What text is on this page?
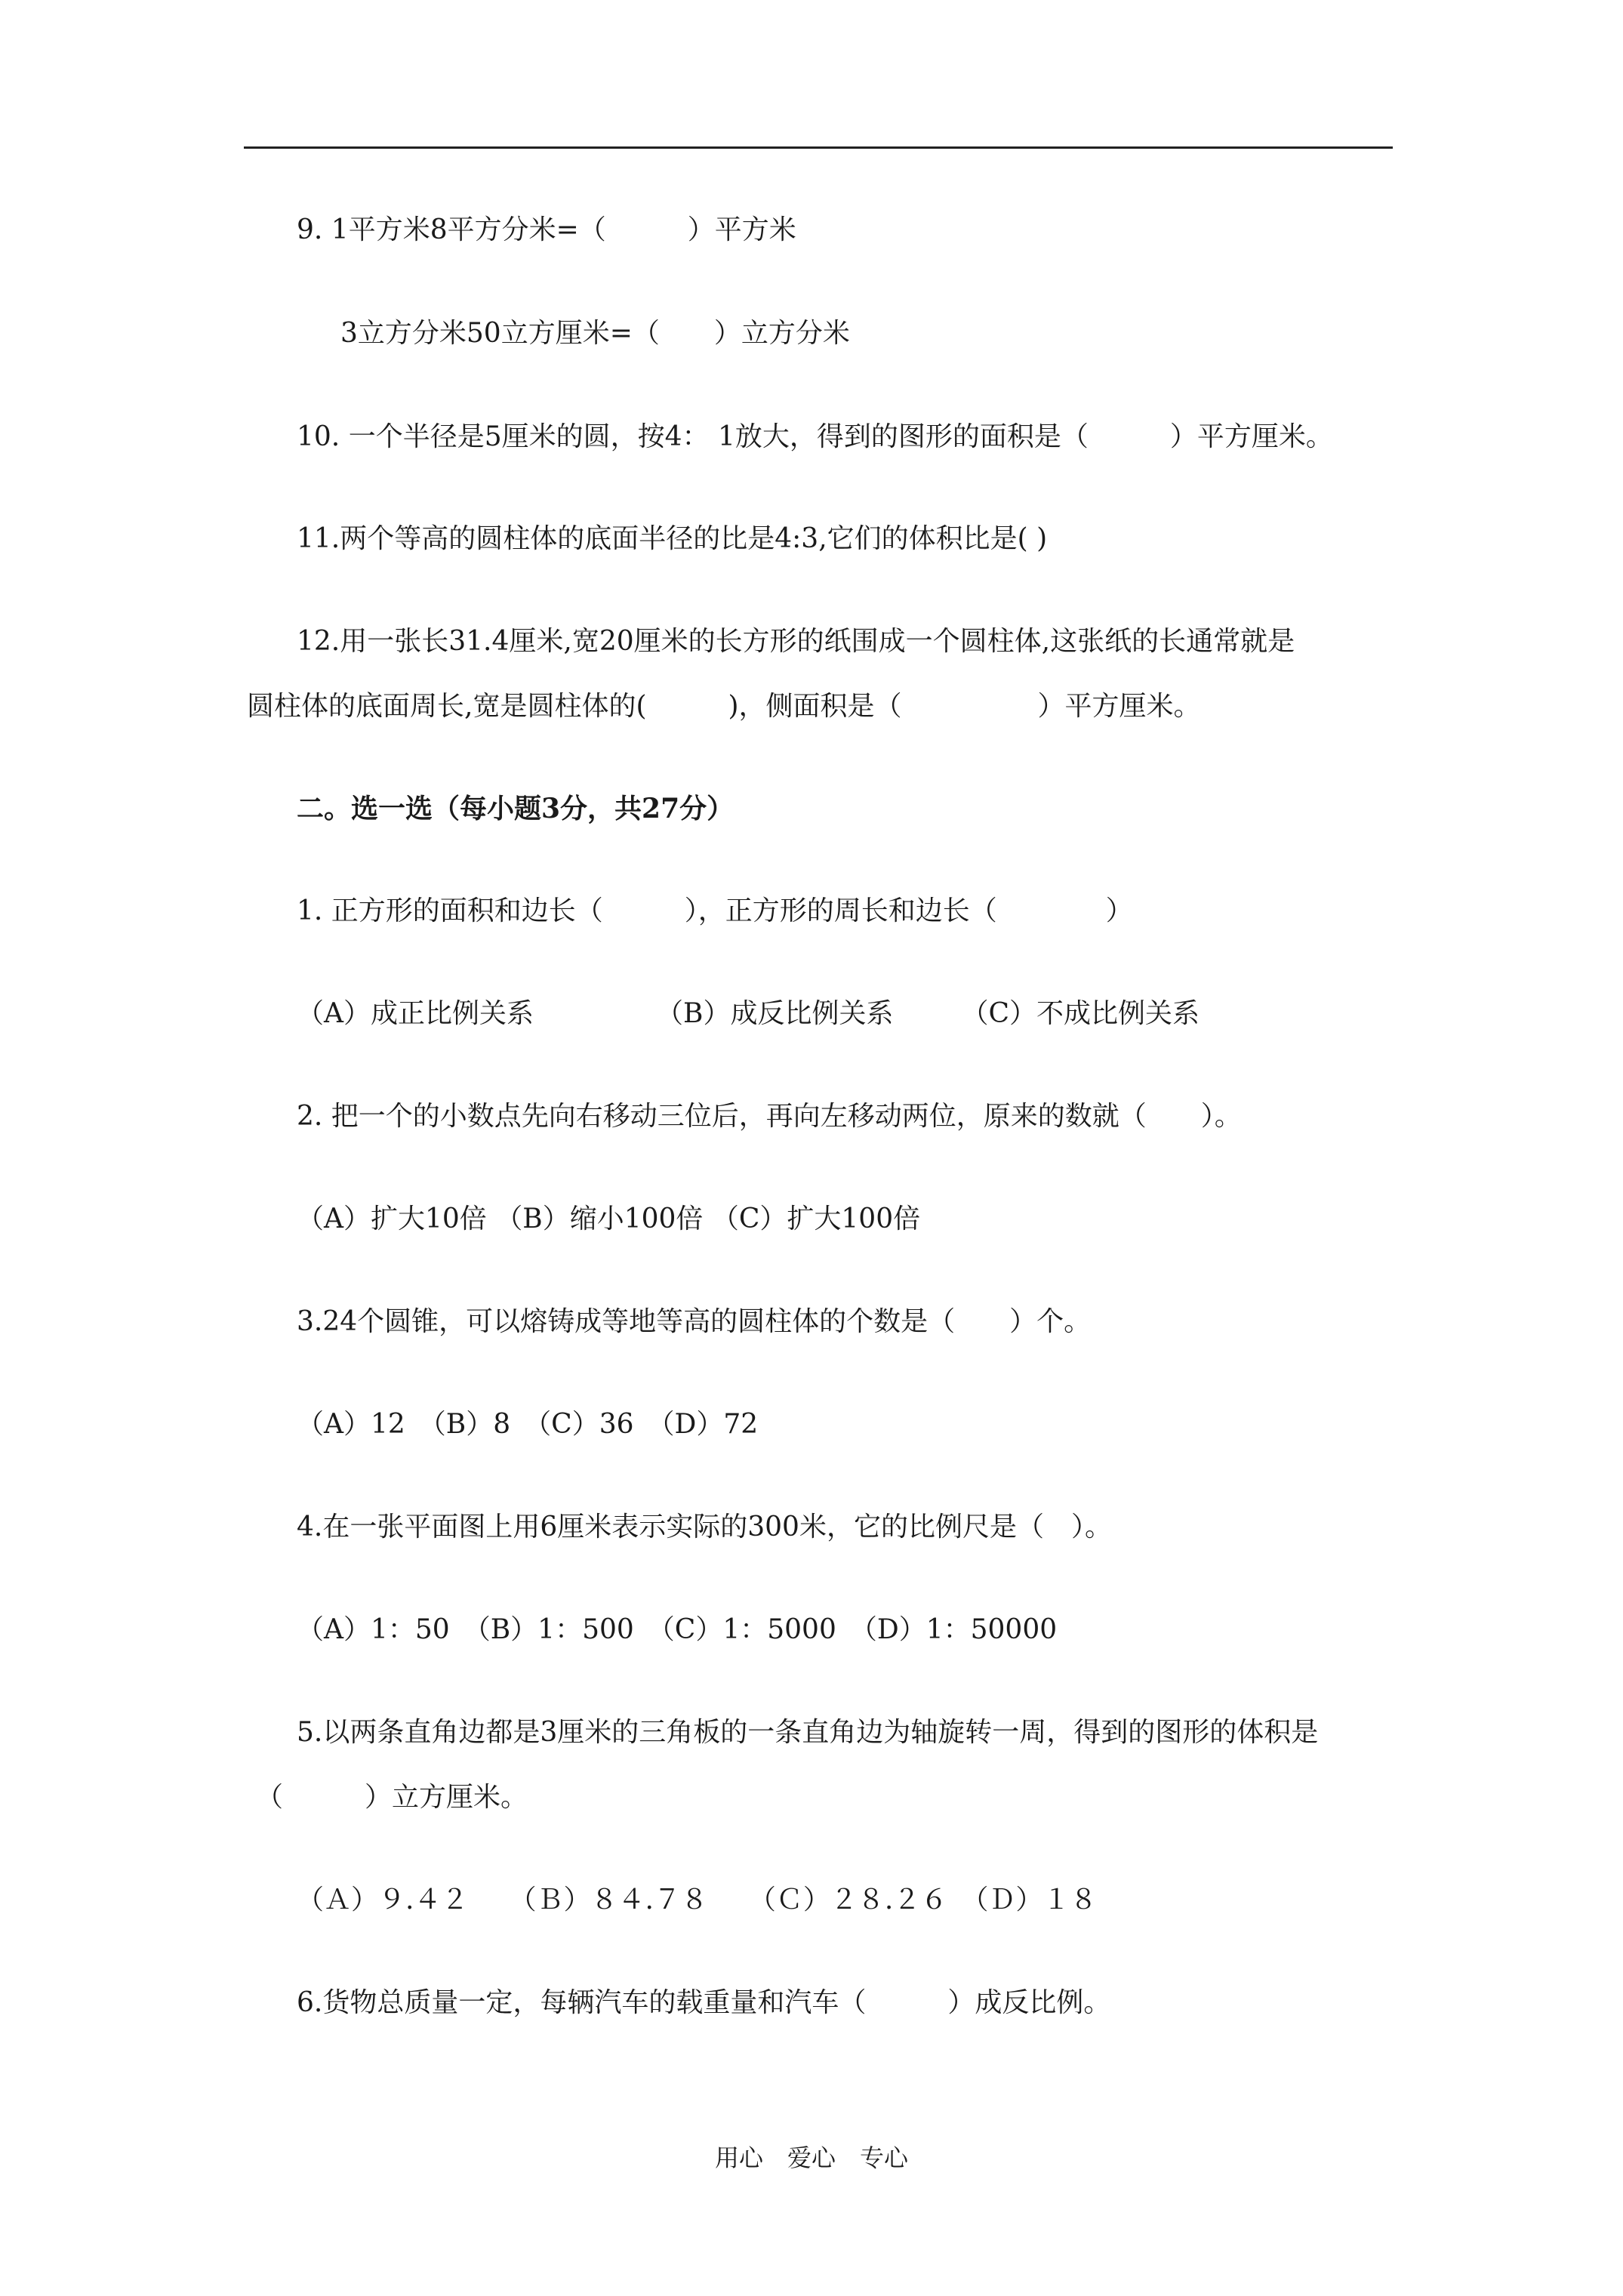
9. 1平方米8平方分米=（　　　）平方米
3立方分米50立方厘米=（　　）立方分米
10. 一个半径是5厘米的圆，按4： 1放大，得到的图形的面积是（　　　）平方厘米。
11.两个等高的圆柱体的底面半径的比是4:3,它们的体积比是( )
12.用一张长31.4厘米,宽20厘米的长方形的纸围成一个圆柱体,这张纸的长通常就是
圆柱体的底面周长,宽是圆柱体的(　　　)，侧面积是（　　　　　）平方厘米。
二。选一选（每小题3分，共27分）
1. 正方形的面积和边长（　　　），正方形的周长和边长（　　　　）
（A）成正比例关系　　　　　（B）成反比例关系　　　（C）不成比例关系
2. 把一个的小数点先向右移动三位后，再向左移动两位，原来的数就（　　）。
（A）扩大10倍 （B）缩小100倍 （C）扩大100倍
3.24个圆锥，可以熔铸成等地等高的圆柱体的个数是（　　）个。
（A）12　（B）8　（C）36　（D）72
4.在一张平面图上用6厘米表示实际的300米，它的比例尺是（　）。
（A）1：50　（B）1：500　（C）1：5000　（D）1：50000
5.以两条直角边都是3厘米的三角板的一条直角边为轴旋转一周，得到的图形的体积是
（　　　）立方厘米。
（Ａ）９.４２　　（Ｂ）８４.７８　　（Ｃ）２８.２６　（Ｄ）１８
6.货物总质量一定，每辆汽车的载重量和汽车（　　　）成反比例。
用心　爱心　专心
